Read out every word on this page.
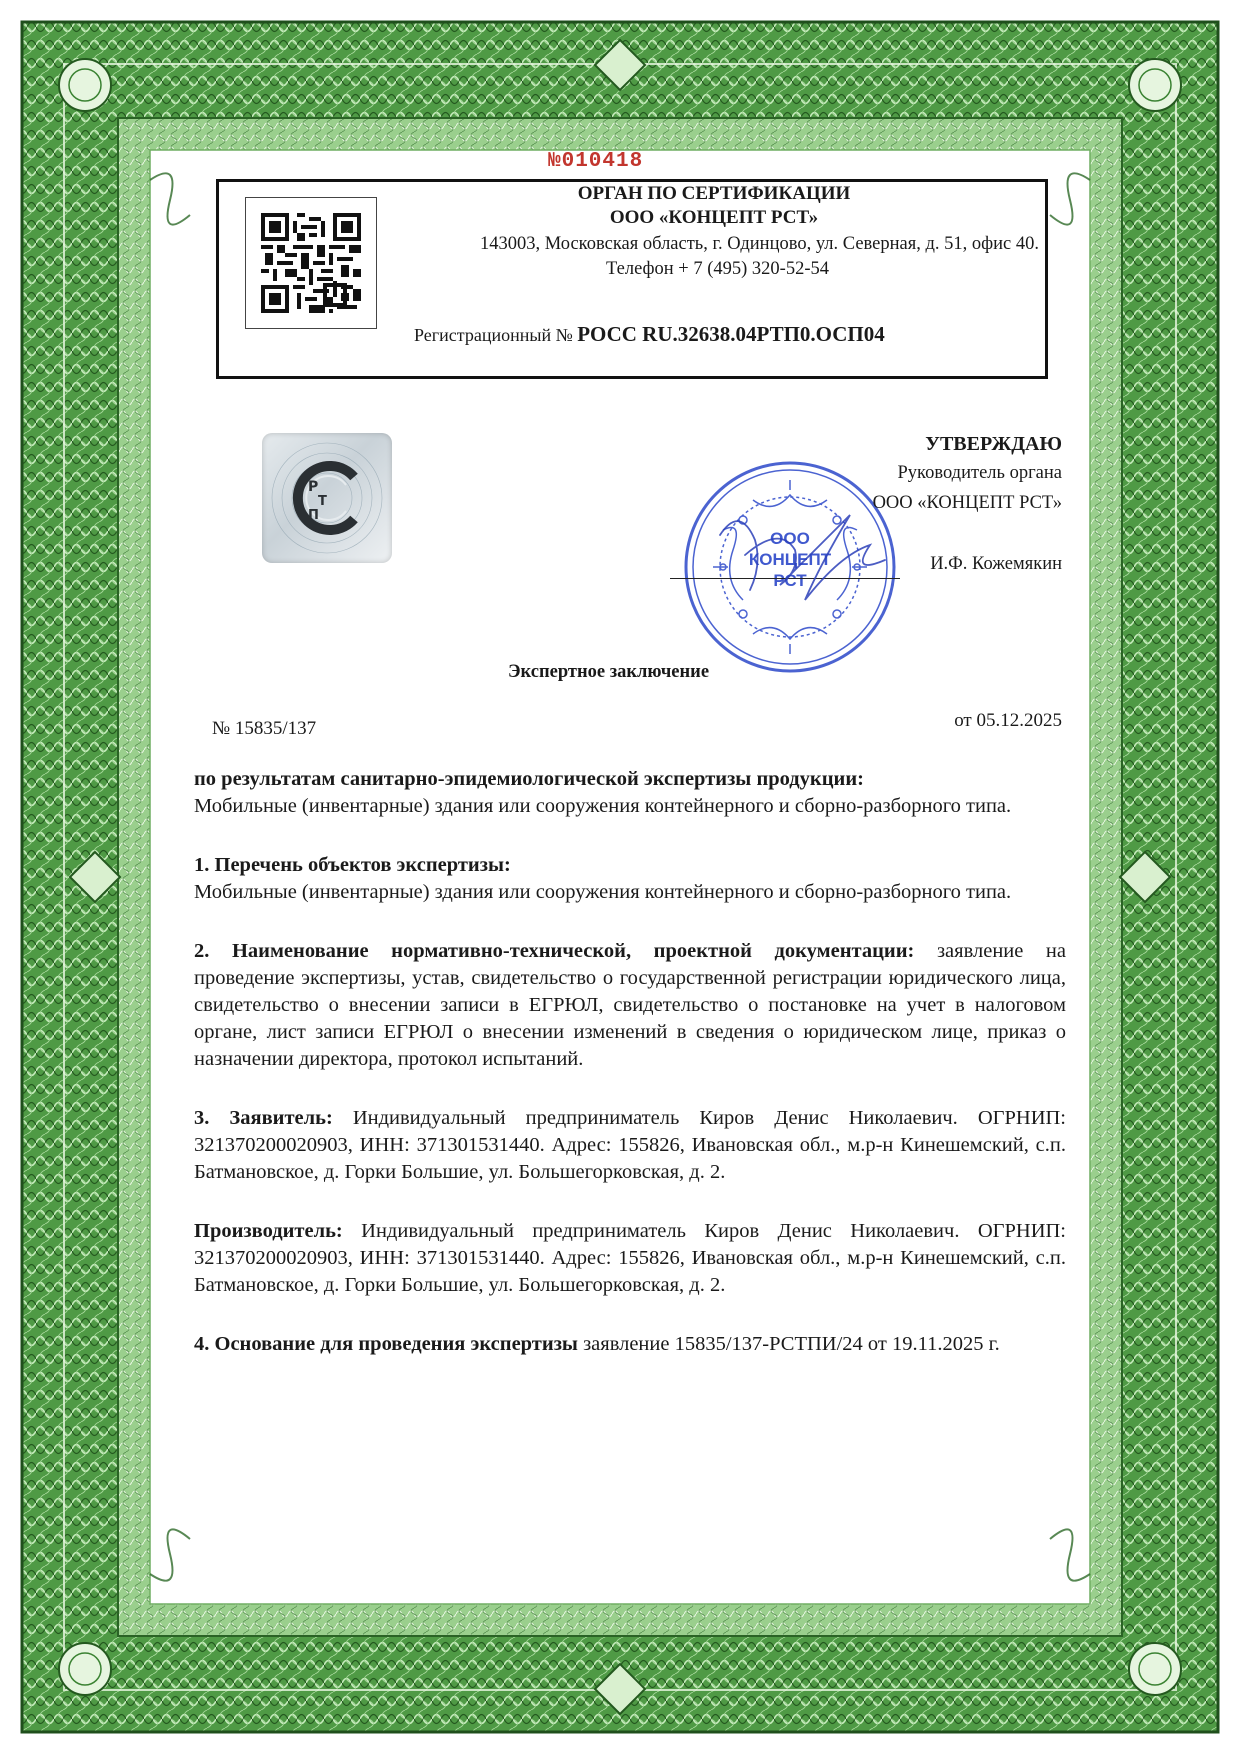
№010418
ОРГАН ПО СЕРТИФИКАЦИИ
ООО «КОНЦЕПТ РСТ»
143003, Московская область, г. Одинцово, ул. Северная, д. 51, офис 40.
Телефон + 7 (495) 320-52-54
Регистрационный № РОСС RU.32638.04РТП0.ОСП04
Р
Т
П
ООО
КОНЦЕПТ
РСТ
УТВЕРЖДАЮ
Руководитель органа
ООО «КОНЦЕПТ РСТ»
И.Ф. Кожемякин
Экспертное заключение
№ 15835/137	от 05.12.2025

по результатам санитарно-эпидемиологической экспертизы продукции:
Мобильные (инвентарные) здания или сооружения контейнерного и сборно-разборного типа.

1. Перечень объектов экспертизы:
Мобильные (инвентарные) здания или сооружения контейнерного и сборно-разборного типа.

2. Наименование нормативно-технической, проектной документации: заявление на проведение экспертизы, устав, свидетельство о государственной регистрации юридического лица, свидетельство о внесении записи в ЕГРЮЛ, свидетельство о постановке на учет в налоговом органе, лист записи ЕГРЮЛ о внесении изменений в сведения о юридическом лице, приказ о назначении директора, протокол испытаний.

3. Заявитель: Индивидуальный предприниматель Киров Денис Николаевич. ОГРНИП: 321370200020903, ИНН: 371301531440. Адрес: 155826, Ивановская обл., м.р-н Кинешемский, с.п. Батмановское, д. Горки Большие, ул. Большегорковская, д. 2.

Производитель: Индивидуальный предприниматель Киров Денис Николаевич. ОГРНИП: 321370200020903, ИНН: 371301531440. Адрес: 155826, Ивановская обл., м.р-н Кинешемский, с.п. Батмановское, д. Горки Большие, ул. Большегорковская, д. 2.

4. Основание для проведения экспертизы заявление 15835/137-РСТПИ/24 от 19.11.2025 г.
